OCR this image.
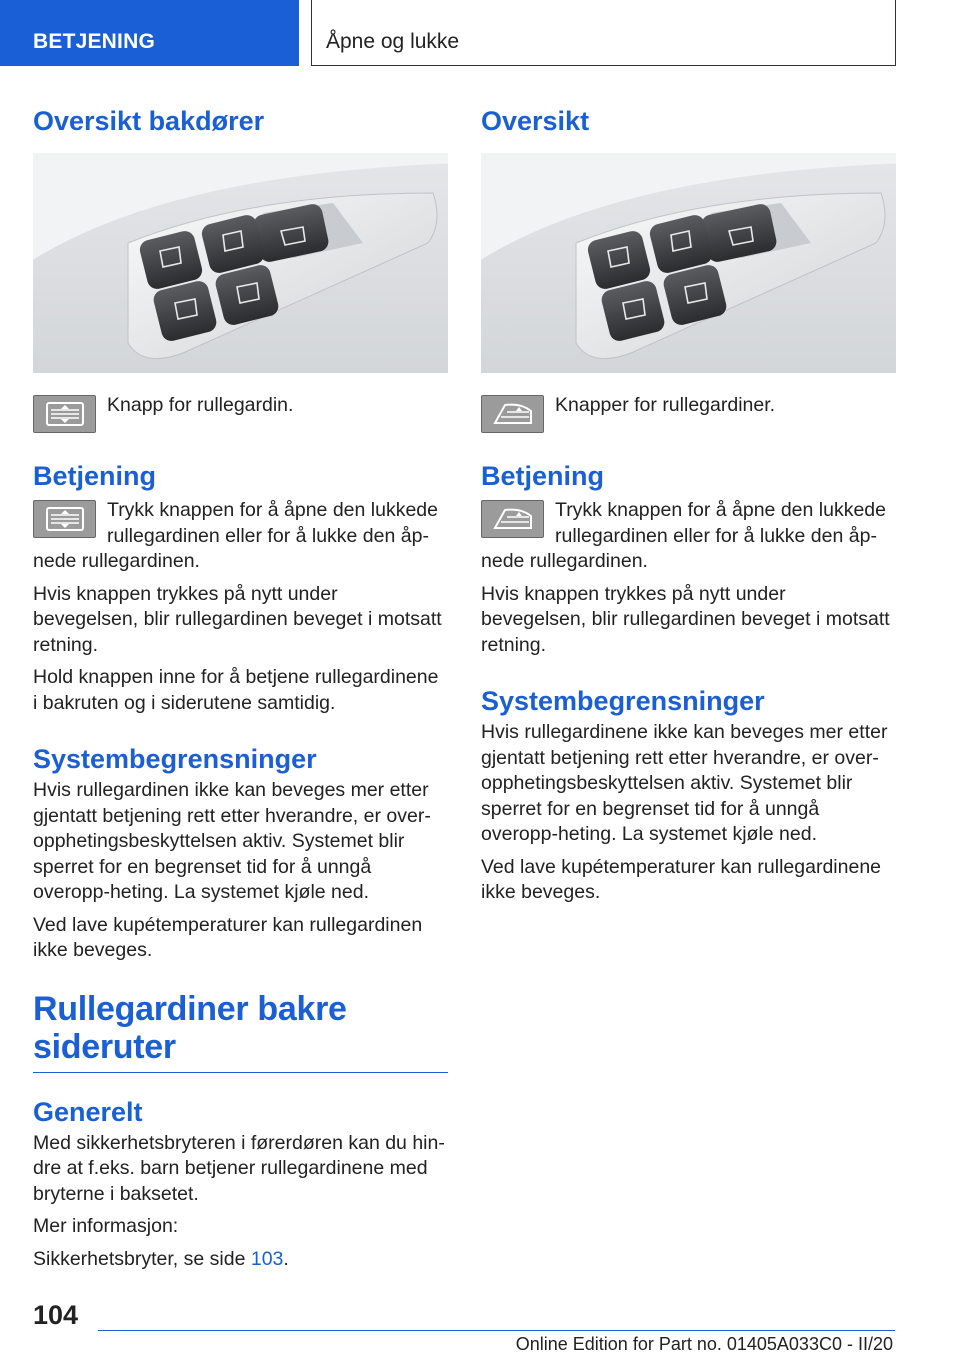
BETJENING	Åpne og lukke
Oversikt bakdører

Knapp for rullegardin.

Betjening

Trykk knappen for å åpne den lukkede rullegardinen eller for å lukke den åp-

nede rullegardinen.

Hvis knappen trykkes på nytt under bevegelsen, blir rullegardinen beveget i motsatt retning.

Hold knappen inne for å betjene rullegardinene i bakruten og i siderutene samtidig.

Systembegrensninger

Hvis rullegardinen ikke kan beveges mer etter gjentatt betjening rett etter hverandre, er over-opphetingsbeskyttelsen aktiv. Systemet blir sperret for en begrenset tid for å unngå overopp-heting. La systemet kjøle ned.

Ved lave kupétemperaturer kan rullegardinen ikke beveges.

Rullegardiner bakre
sideruter
Generelt

Med sikkerhetsbryteren i førerdøren kan du hin-dre at f.eks. barn betjener rullegardinene med bryterne i baksetet.

Mer informasjon:

Sikkerhetsbryter, se side 103.

Oversikt

Knapper for rullegardiner.

Betjening

Trykk knappen for å åpne den lukkede rullegardinen eller for å lukke den åp-

nede rullegardinen.

Hvis knappen trykkes på nytt under bevegelsen, blir rullegardinen beveget i motsatt retning.

Systembegrensninger

Hvis rullegardinene ikke kan beveges mer etter gjentatt betjening rett etter hverandre, er over-opphetingsbeskyttelsen aktiv. Systemet blir sperret for en begrenset tid for å unngå overopp-heting. La systemet kjøle ned.

Ved lave kupétemperaturer kan rullegardinene ikke beveges.

104
Online Edition for Part no. 01405A033C0 - II/20
